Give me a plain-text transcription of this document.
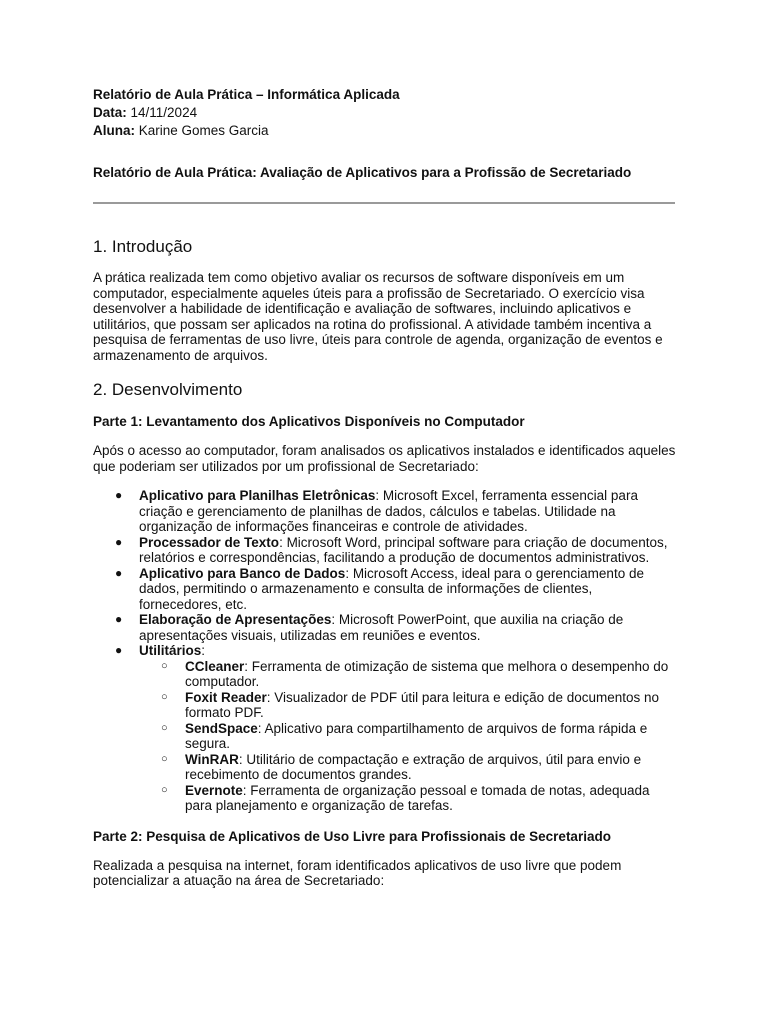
Relatório de Aula Prática – Informática Aplicada

Data: 14/11/2024

Aluna: Karine Gomes Garcia

Relatório de Aula Prática: Avaliação de Aplicativos para a Profissão de Secretariado

1. Introdução

A prática realizada tem como objetivo avaliar os recursos de software disponíveis em um computador, especialmente aqueles úteis para a profissão de Secretariado. O exercício visa desenvolver a habilidade de identificação e avaliação de softwares, incluindo aplicativos e utilitários, que possam ser aplicados na rotina do profissional. A atividade também incentiva a pesquisa de ferramentas de uso livre, úteis para controle de agenda, organização de eventos e armazenamento de arquivos.

2. Desenvolvimento
Parte 1: Levantamento dos Aplicativos Disponíveis no Computador

Após o acesso ao computador, foram analisados os aplicativos instalados e identificados aqueles que poderiam ser utilizados por um profissional de Secretariado:

● Aplicativo para Planilhas Eletrônicas: Microsoft Excel, ferramenta essencial para criação e gerenciamento de planilhas de dados, cálculos e tabelas. Utilidade na organização de informações financeiras e controle de atividades.
● Processador de Texto: Microsoft Word, principal software para criação de documentos, relatórios e correspondências, facilitando a produção de documentos administrativos.
● Aplicativo para Banco de Dados: Microsoft Access, ideal para o gerenciamento de dados, permitindo o armazenamento e consulta de informações de clientes, fornecedores, etc.
● Elaboração de Apresentações: Microsoft PowerPoint, que auxilia na criação de apresentações visuais, utilizadas em reuniões e eventos.
● Utilitários:
○ CCleaner: Ferramenta de otimização de sistema que melhora o desempenho do computador.
○ Foxit Reader: Visualizador de PDF útil para leitura e edição de documentos no formato PDF.
○ SendSpace: Aplicativo para compartilhamento de arquivos de forma rápida e segura.
○ WinRAR: Utilitário de compactação e extração de arquivos, útil para envio e recebimento de documentos grandes.
○ Evernote: Ferramenta de organização pessoal e tomada de notas, adequada para planejamento e organização de tarefas.
Parte 2: Pesquisa de Aplicativos de Uso Livre para Profissionais de Secretariado

Realizada a pesquisa na internet, foram identificados aplicativos de uso livre que podem potencializar a atuação na área de Secretariado:
